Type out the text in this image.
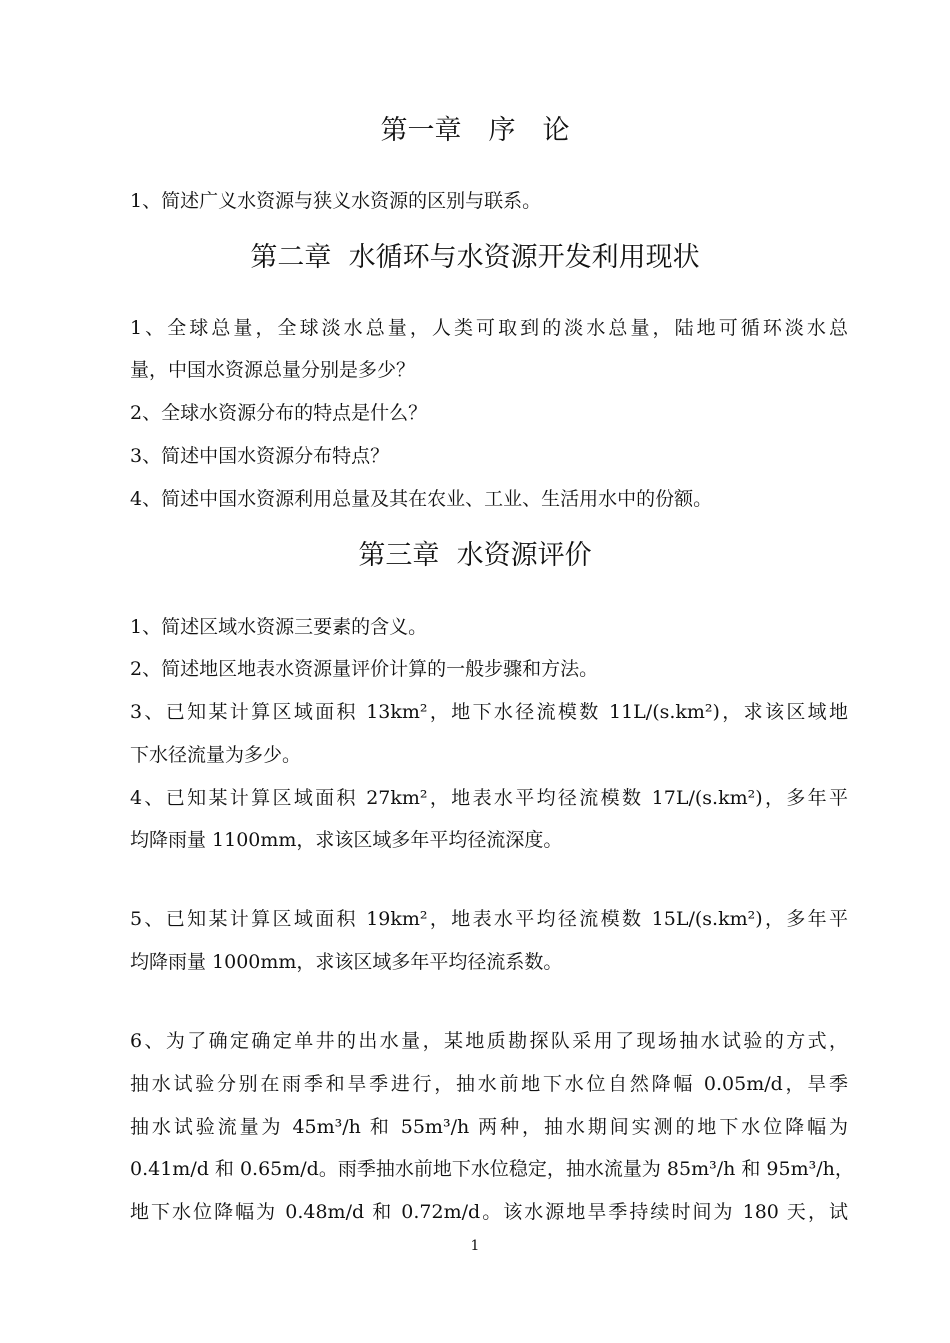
第一章　序　论
1、简述广义水资源与狭义水资源的区别与联系。
第二章  水循环与水资源开发利用现状
1、全球总量，全球淡水总量，人类可取到的淡水总量，陆地可循环淡水总
量，中国水资源总量分别是多少？
2、全球水资源分布的特点是什么？
3、简述中国水资源分布特点？
4、简述中国水资源利用总量及其在农业、工业、生活用水中的份额。
第三章  水资源评价
1、简述区域水资源三要素的含义。
2、简述地区地表水资源量评价计算的一般步骤和方法。
3、已知某计算区域面积 13km²，地下水径流模数 11L/(s.km²)，求该区域地
下水径流量为多少。
4、已知某计算区域面积 27km²，地表水平均径流模数 17L/(s.km²)，多年平
均降雨量 1100mm，求该区域多年平均径流深度。
5、已知某计算区域面积 19km²，地表水平均径流模数 15L/(s.km²)，多年平
均降雨量 1000mm，求该区域多年平均径流系数。
6、为了确定确定单井的出水量，某地质勘探队采用了现场抽水试验的方式，
抽水试验分别在雨季和旱季进行，抽水前地下水位自然降幅 0.05m/d，旱季
抽水试验流量为 45m³/h 和 55m³/h 两种，抽水期间实测的地下水位降幅为
0.41m/d 和 0.65m/d。雨季抽水前地下水位稳定，抽水流量为 85m³/h 和 95m³/h，
地下水位降幅为 0.48m/d 和 0.72m/d。该水源地旱季持续时间为 180 天，试
1
